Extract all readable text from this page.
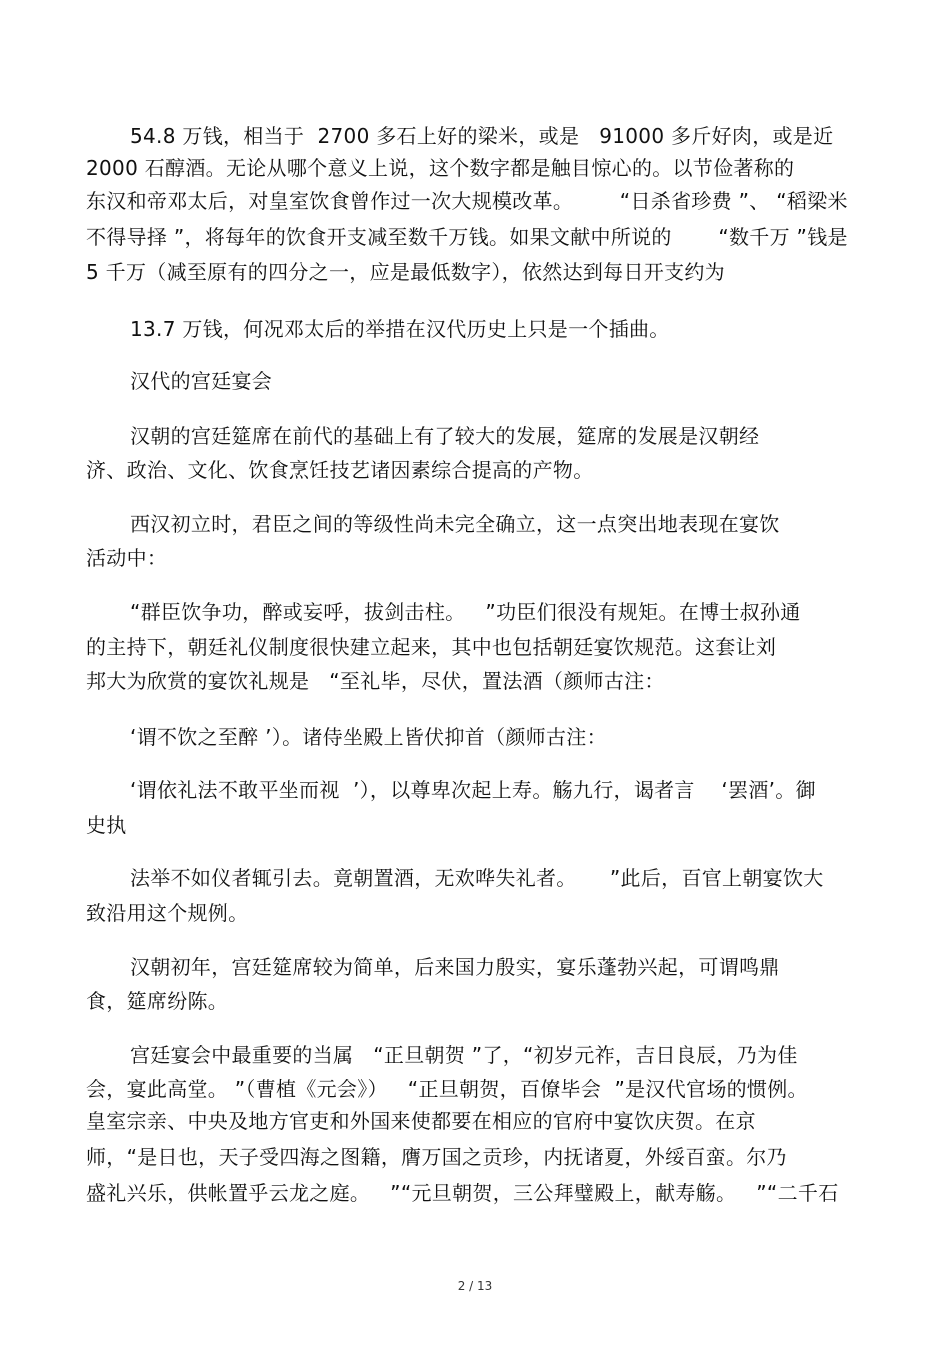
54.8 万钱，相当于  2700 多石上好的梁米，或是   91000 多斤好肉，或是近
2000 石醇酒。无论从哪个意义上说，这个数字都是触目惊心的。以节俭著称的
东汉和帝邓太后，对皇室饮食曾作过一次大规模改革。       “日杀省珍费 ”、 “稻梁米
不得导择 ”，将每年的饮食开支减至数千万钱。如果文献中所说的       “数千万 ”钱是
5 千万（减至原有的四分之一，应是最低数字），依然达到每日开支约为
13.7 万钱，何况邓太后的举措在汉代历史上只是一个插曲。
汉代的宫廷宴会
汉朝的宫廷筵席在前代的基础上有了较大的发展，筵席的发展是汉朝经
济、政治、文化、饮食烹饪技艺诸因素综合提高的产物。
西汉初立时，君臣之间的等级性尚未完全确立，这一点突出地表现在宴饮
活动中：
“群臣饮争功，醉或妄呼，拔剑击柱。   ”功臣们很没有规矩。在博士叔孙通
的主持下，朝廷礼仪制度很快建立起来，其中也包括朝廷宴饮规范。这套让刘
邦大为欣赏的宴饮礼规是   “至礼毕，尽伏，置法酒（颜师古注：
‘谓不饮之至醉 ’）。诸侍坐殿上皆伏抑首（颜师古注：
‘谓依礼法不敢平坐而视  ’），以尊卑次起上寿。觞九行，谒者言    ‘罢酒’。御
史执
法举不如仪者辄引去。竟朝置酒，无欢哗失礼者。     ”此后，百官上朝宴饮大
致沿用这个规例。
汉朝初年，宫廷筵席较为简单，后来国力殷实，宴乐蓬勃兴起，可谓鸣鼎
食，筵席纷陈。
宫廷宴会中最重要的当属   “正旦朝贺 ”了，“初岁元祚，吉日良辰，乃为佳
会，宴此高堂。 ”（曹植《元会》）   “正旦朝贺，百僚毕会  ”是汉代官场的惯例。
皇室宗亲、中央及地方官吏和外国来使都要在相应的官府中宴饮庆贺。在京
师，“是日也，天子受四海之图籍，膺万国之贡珍，内抚诸夏，外绥百蛮。尔乃
盛礼兴乐，供帐置乎云龙之庭。   ”“元旦朝贺，三公拜璧殿上，献寿觞。   ”“二千石
2 / 13
